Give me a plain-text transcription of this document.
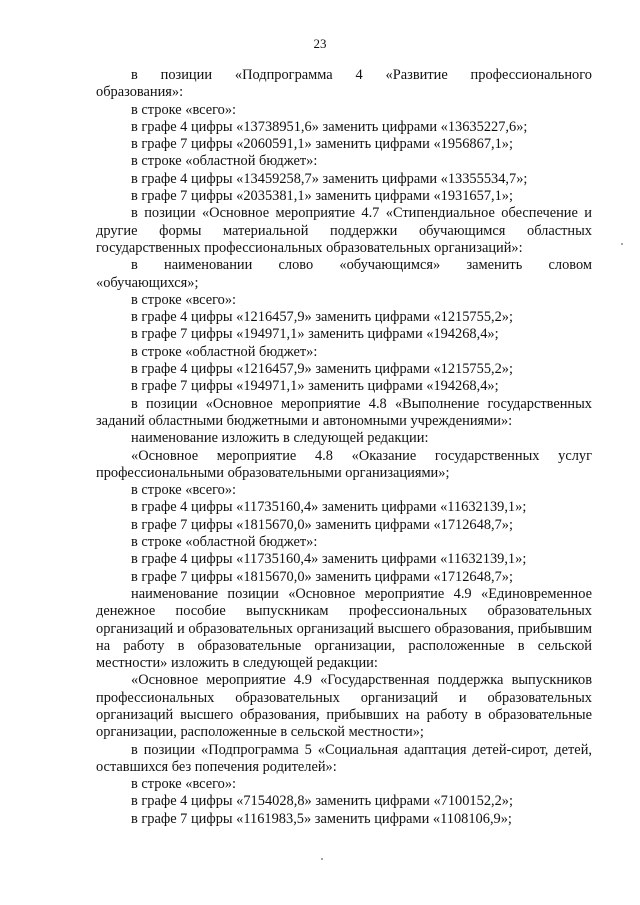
23

в позиции «Подпрограмма 4 «Развитие профессионального

образования»:

в строке «всего»:

в графе 4 цифры «13738951,6» заменить цифрами «13635227,6»;

в графе 7 цифры «2060591,1» заменить цифрами «1956867,1»;

в строке «областной бюджет»:

в графе 4 цифры «13459258,7» заменить цифрами «13355534,7»;

в графе 7 цифры «2035381,1» заменить цифрами «1931657,1»;

в позиции «Основное мероприятие 4.7 «Стипендиальное обеспечение и другие формы материальной поддержки обучающимся областных государственных профессиональных образовательных организаций»:

в наименовании слово «обучающимся» заменить словом

«обучающихся»;

в строке «всего»:

в графе 4 цифры «1216457,9» заменить цифрами «1215755,2»;

в графе 7 цифры «194971,1» заменить цифрами «194268,4»;

в строке «областной бюджет»:

в графе 4 цифры «1216457,9» заменить цифрами «1215755,2»;

в графе 7 цифры «194971,1» заменить цифрами «194268,4»;

в позиции «Основное мероприятие 4.8 «Выполнение государственных заданий областными бюджетными и автономными учреждениями»:

наименование изложить в следующей редакции:

«Основное мероприятие 4.8 «Оказание государственных услуг профессиональными образовательными организациями»;

в строке «всего»:

в графе 4 цифры «11735160,4» заменить цифрами «11632139,1»;

в графе 7 цифры «1815670,0» заменить цифрами «1712648,7»;

в строке «областной бюджет»:

в графе 4 цифры «11735160,4» заменить цифрами «11632139,1»;

в графе 7 цифры «1815670,0» заменить цифрами «1712648,7»;

наименование позиции «Основное мероприятие 4.9 «Единовременное денежное пособие выпускникам профессиональных образовательных организаций и образовательных организаций высшего образования, прибывшим на работу в образовательные организации, расположенные в сельской местности» изложить в следующей редакции:

«Основное мероприятие 4.9 «Государственная поддержка выпускников профессиональных образовательных организаций и образовательных организаций высшего образования, прибывших на работу в образовательные организации, расположенные в сельской местности»;

в позиции «Подпрограмма 5 «Социальная адаптация детей-сирот, детей, оставшихся без попечения родителей»:

в строке «всего»:

в графе 4 цифры «7154028,8» заменить цифрами «7100152,2»;

в графе 7 цифры «1161983,5» заменить цифрами «1108106,9»;
